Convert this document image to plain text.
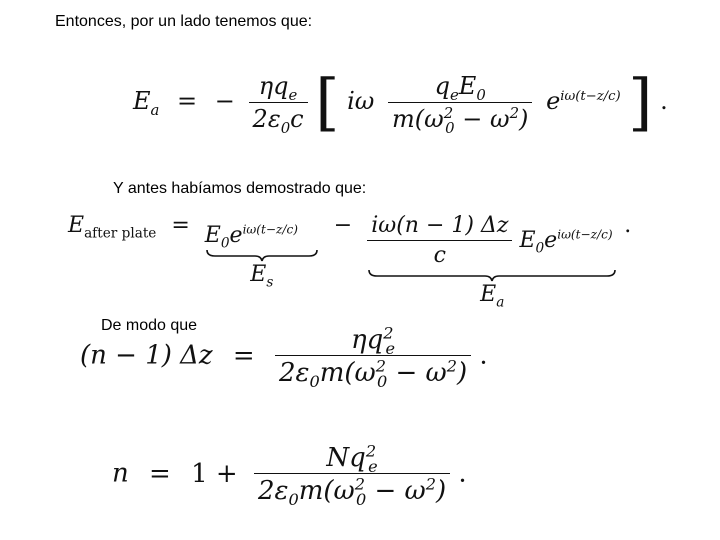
Entonces, por un lado tenemos que:
$E_a$ = − $\frac{\eta q_e}{2\varepsilon_0c}$ [ iω $\frac{q_eE_0}{m(\omega^2_0 - \omega^2)} e^{i\omega(t-z/c)}$ ] .
Y antes habíamos demostrado que:
$E_{after plate} = E_0e^{i\omega(t-z/c)}$
$E_s$
− $\frac{i\omega(n - 1) \Delta z}{c} E_0e^{i\omega(t-z/c)}$
$E_a$
.
De modo que
(n − 1) $\Delta z = \frac{\eta q^2_e}{2\varepsilon_0m(\omega^2_0 - \omega^2)}$ .
$n = 1 + \frac{Nq^2_e}{2\varepsilon_0m(\omega^2_0 - \omega^2)}$ .
